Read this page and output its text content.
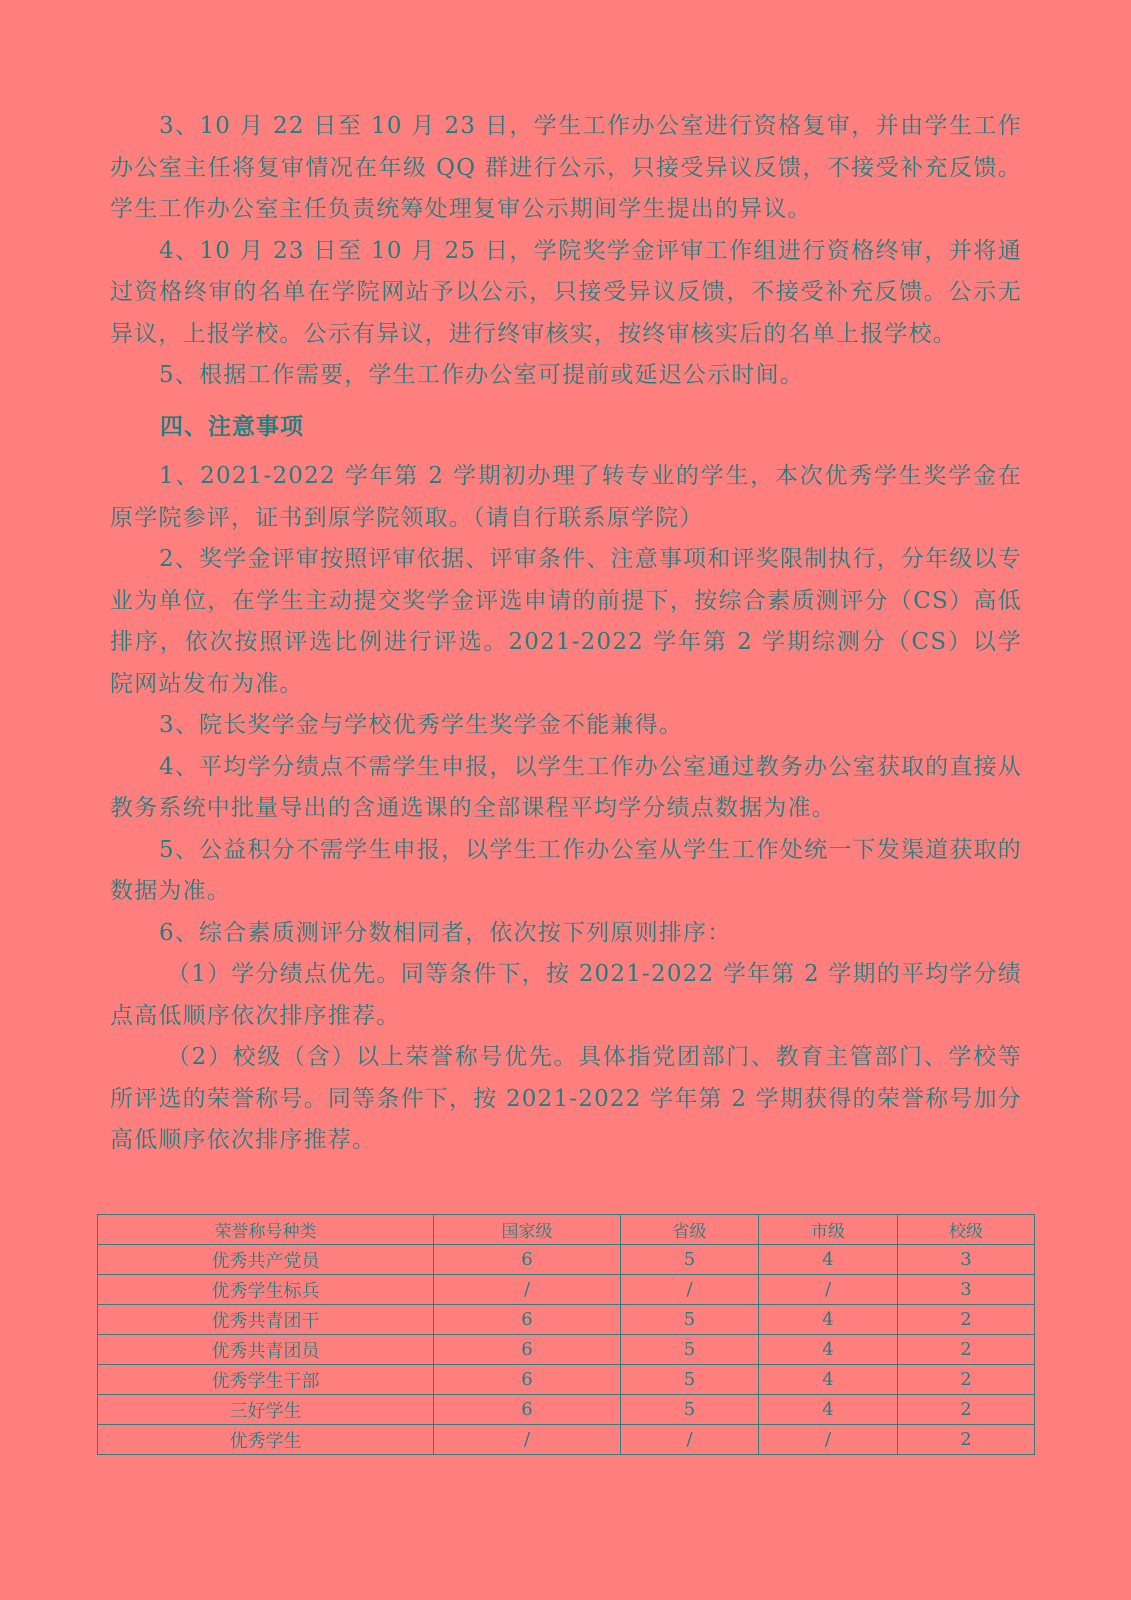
3、10 月 22 日至 10 月 23 日，学生工作办公室进行资格复审，并由学生工作办公室主任将复审情况在年级 QQ 群进行公示，只接受异议反馈，不接受补充反馈。学生工作办公室主任负责统筹处理复审公示期间学生提出的异议。

4、10 月 23 日至 10 月 25 日，学院奖学金评审工作组进行资格终审，并将通过资格终审的名单在学院网站予以公示，只接受异议反馈，不接受补充反馈。公示无异议，上报学校。公示有异议，进行终审核实，按终审核实后的名单上报学校。

5、根据工作需要，学生工作办公室可提前或延迟公示时间。

四、注意事项

1、2021-2022 学年第 2 学期初办理了转专业的学生，本次优秀学生奖学金在原学院参评，证书到原学院领取。（请自行联系原学院）

2、奖学金评审按照评审依据、评审条件、注意事项和评奖限制执行，分年级以专业为单位，在学生主动提交奖学金评选申请的前提下，按综合素质测评分（CS）高低排序，依次按照评选比例进行评选。2021-2022 学年第 2 学期综测分（CS）以学院网站发布为准。

3、院长奖学金与学校优秀学生奖学金不能兼得。

4、平均学分绩点不需学生申报，以学生工作办公室通过教务办公室获取的直接从教务系统中批量导出的含通选课的全部课程平均学分绩点数据为准。

5、公益积分不需学生申报，以学生工作办公室从学生工作处统一下发渠道获取的数据为准。

6、综合素质测评分数相同者，依次按下列原则排序：

（1）学分绩点优先。同等条件下，按 2021-2022 学年第 2 学期的平均学分绩点高低顺序依次排序推荐。

（2）校级（含）以上荣誉称号优先。具体指党团部门、教育主管部门、学校等所评选的荣誉称号。同等条件下，按 2021-2022 学年第 2 学期获得的荣誉称号加分高低顺序依次排序推荐。

荣誉称号种类	国家级	省级	市级	校级
优秀共产党员	6	5	4	3
优秀学生标兵	/	/	/	3
优秀共青团干	6	5	4	2
优秀共青团员	6	5	4	2
优秀学生干部	6	5	4	2
三好学生	6	5	4	2
优秀学生	/	/	/	2
